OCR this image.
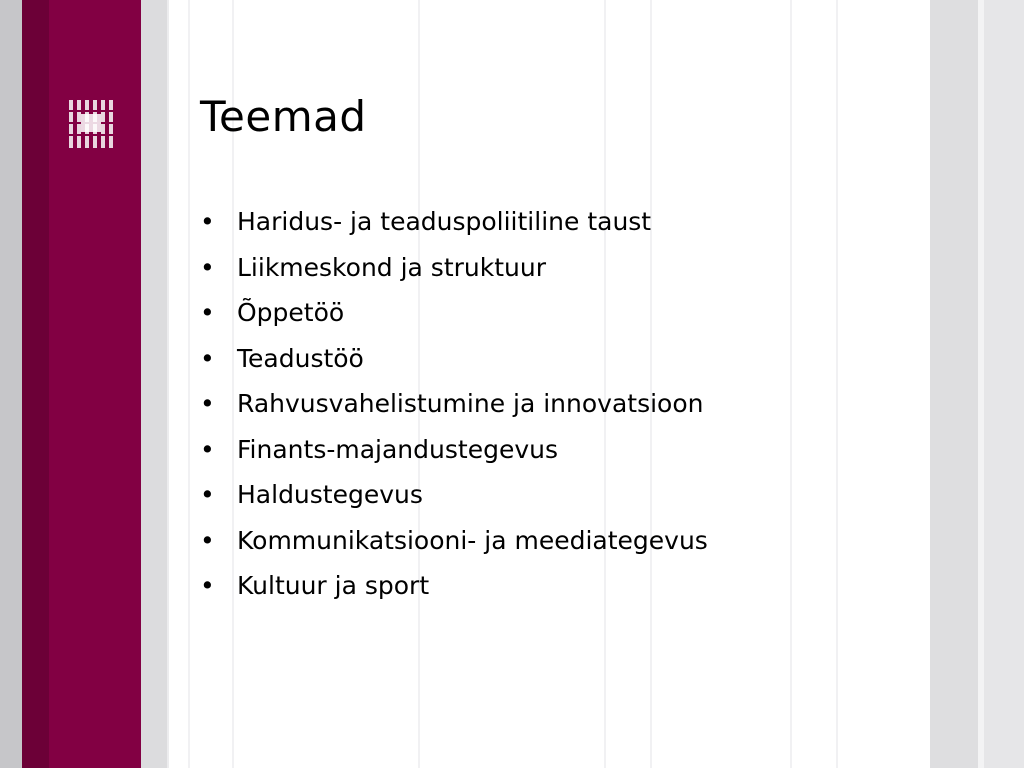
Teemad
• Haridus- ja teaduspoliitiline taust
• Liikmeskond ja struktuur
• Õppetöö
• Teadustöö
• Rahvusvahelistumine ja innovatsioon
• Finants-majandustegevus
• Haldustegevus
• Kommunikatsiooni- ja meediategevus
• Kultuur ja sport
